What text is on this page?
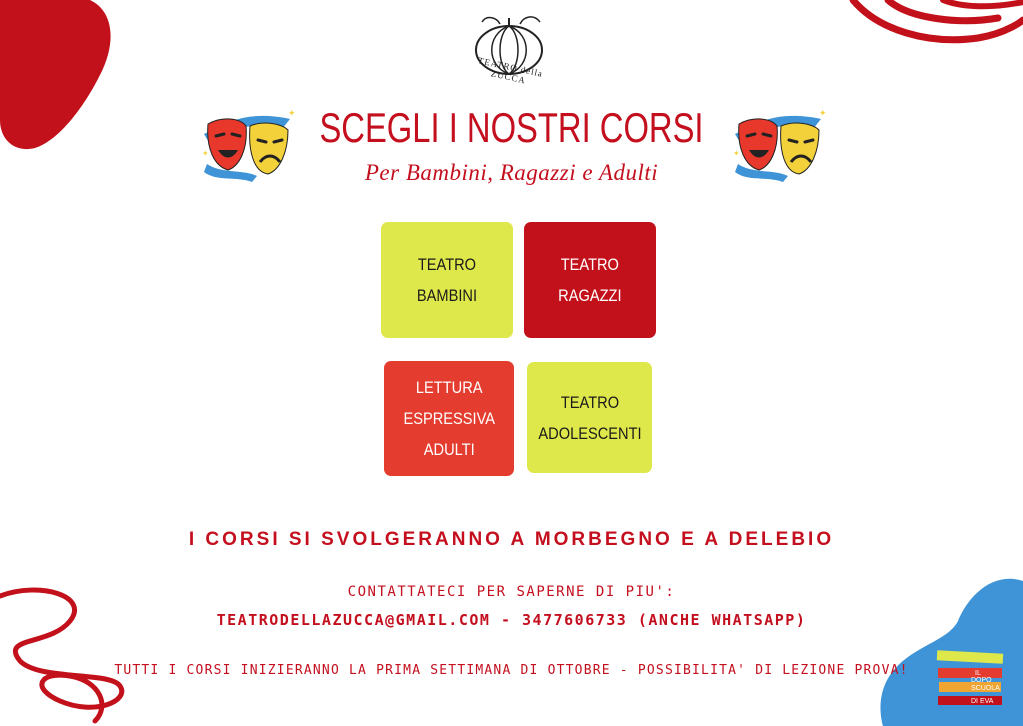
TEATRO della ZUCCA
✦
✦
✦
✦
SCEGLI I NOSTRI CORSI
Per Bambini, Ragazzi e Adulti
TEATRO
BAMBINI
TEATRO
RAGAZZI
LETTURA
ESPRESSIVA
ADULTI
TEATRO
ADOLESCENTI
I CORSI SI SVOLGERANNO A MORBEGNO E A DELEBIO
CONTATTATECI PER SAPERNE DI PIU':
TEATRODELLAZUCCA@GMAIL.COM - 3477606733 (ANCHE WHATSAPP)
TUTTI I CORSI INIZIERANNO LA PRIMA SETTIMANA DI OTTOBRE - POSSIBILITA' DI LEZIONE PROVA!	IL
DOPO
SCUOLA
DI EVA
